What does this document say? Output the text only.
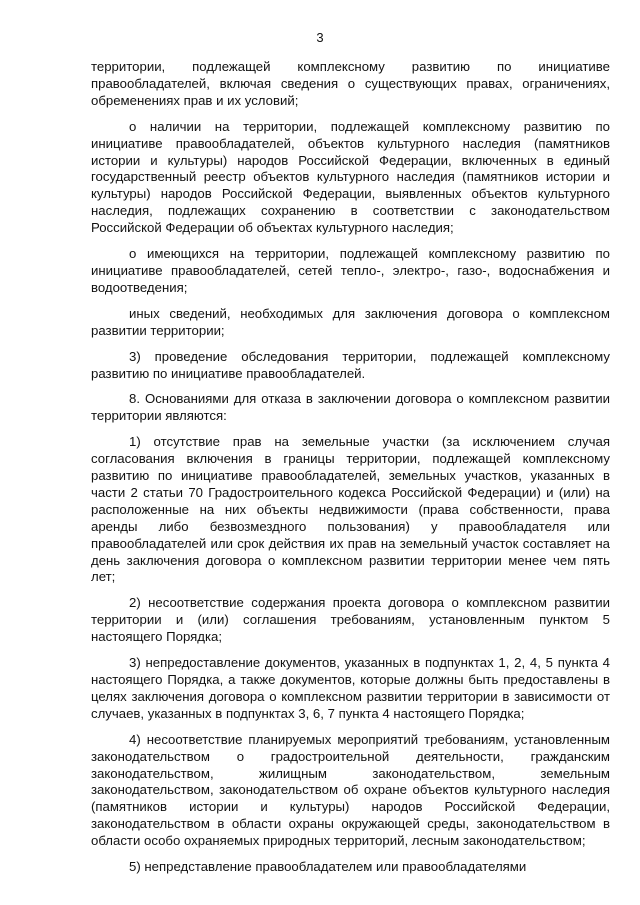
3

территории, подлежащей комплексному развитию по инициативе правообладателей, включая сведения о существующих правах, ограничениях, обременениях прав и их условий;

о наличии на территории, подлежащей комплексному развитию по инициативе правообладателей, объектов культурного наследия (памятников истории и культуры) народов Российской Федерации, включенных в единый государственный реестр объектов культурного наследия (памятников истории и культуры) народов Российской Федерации, выявленных объектов культурного наследия, подлежащих сохранению в соответствии с законодательством Российской Федерации об объектах культурного наследия;

о имеющихся на территории, подлежащей комплексному развитию по инициативе правообладателей, сетей тепло-, электро-, газо-, водоснабжения и водоотведения;

иных сведений, необходимых для заключения договора о комплексном развитии территории;

3) проведение обследования территории, подлежащей комплексному развитию по инициативе правообладателей.

8. Основаниями для отказа в заключении договора о комплексном развитии территории являются:

1) отсутствие прав на земельные участки (за исключением случая согласования включения в границы территории, подлежащей комплексному развитию по инициативе правообладателей, земельных участков, указанных в части 2 статьи 70 Градостроительного кодекса Российской Федерации) и (или) на расположенные на них объекты недвижимости (права собственности, права аренды либо безвозмездного пользования) у правообладателя или правообладателей или срок действия их прав на земельный участок составляет на день заключения договора о комплексном развитии территории менее чем пять лет;

2) несоответствие содержания проекта договора о комплексном развитии территории и (или) соглашения требованиям, установленным пунктом 5 настоящего Порядка;

3) непредоставление документов, указанных в подпунктах 1, 2, 4, 5 пункта 4 настоящего Порядка, а также документов, которые должны быть предоставлены в целях заключения договора о комплексном развитии территории в зависимости от случаев, указанных в подпунктах 3, 6, 7 пункта 4 настоящего Порядка;

4) несоответствие планируемых мероприятий требованиям, установленным законодательством о градостроительной деятельности, гражданским законодательством, жилищным законодательством, земельным законодательством, законодательством об охране объектов культурного наследия (памятников истории и культуры) народов Российской Федерации, законодательством в области охраны окружающей среды, законодательством в области особо охраняемых природных территорий, лесным законодательством;

5) непредставление правообладателем или правообладателями
